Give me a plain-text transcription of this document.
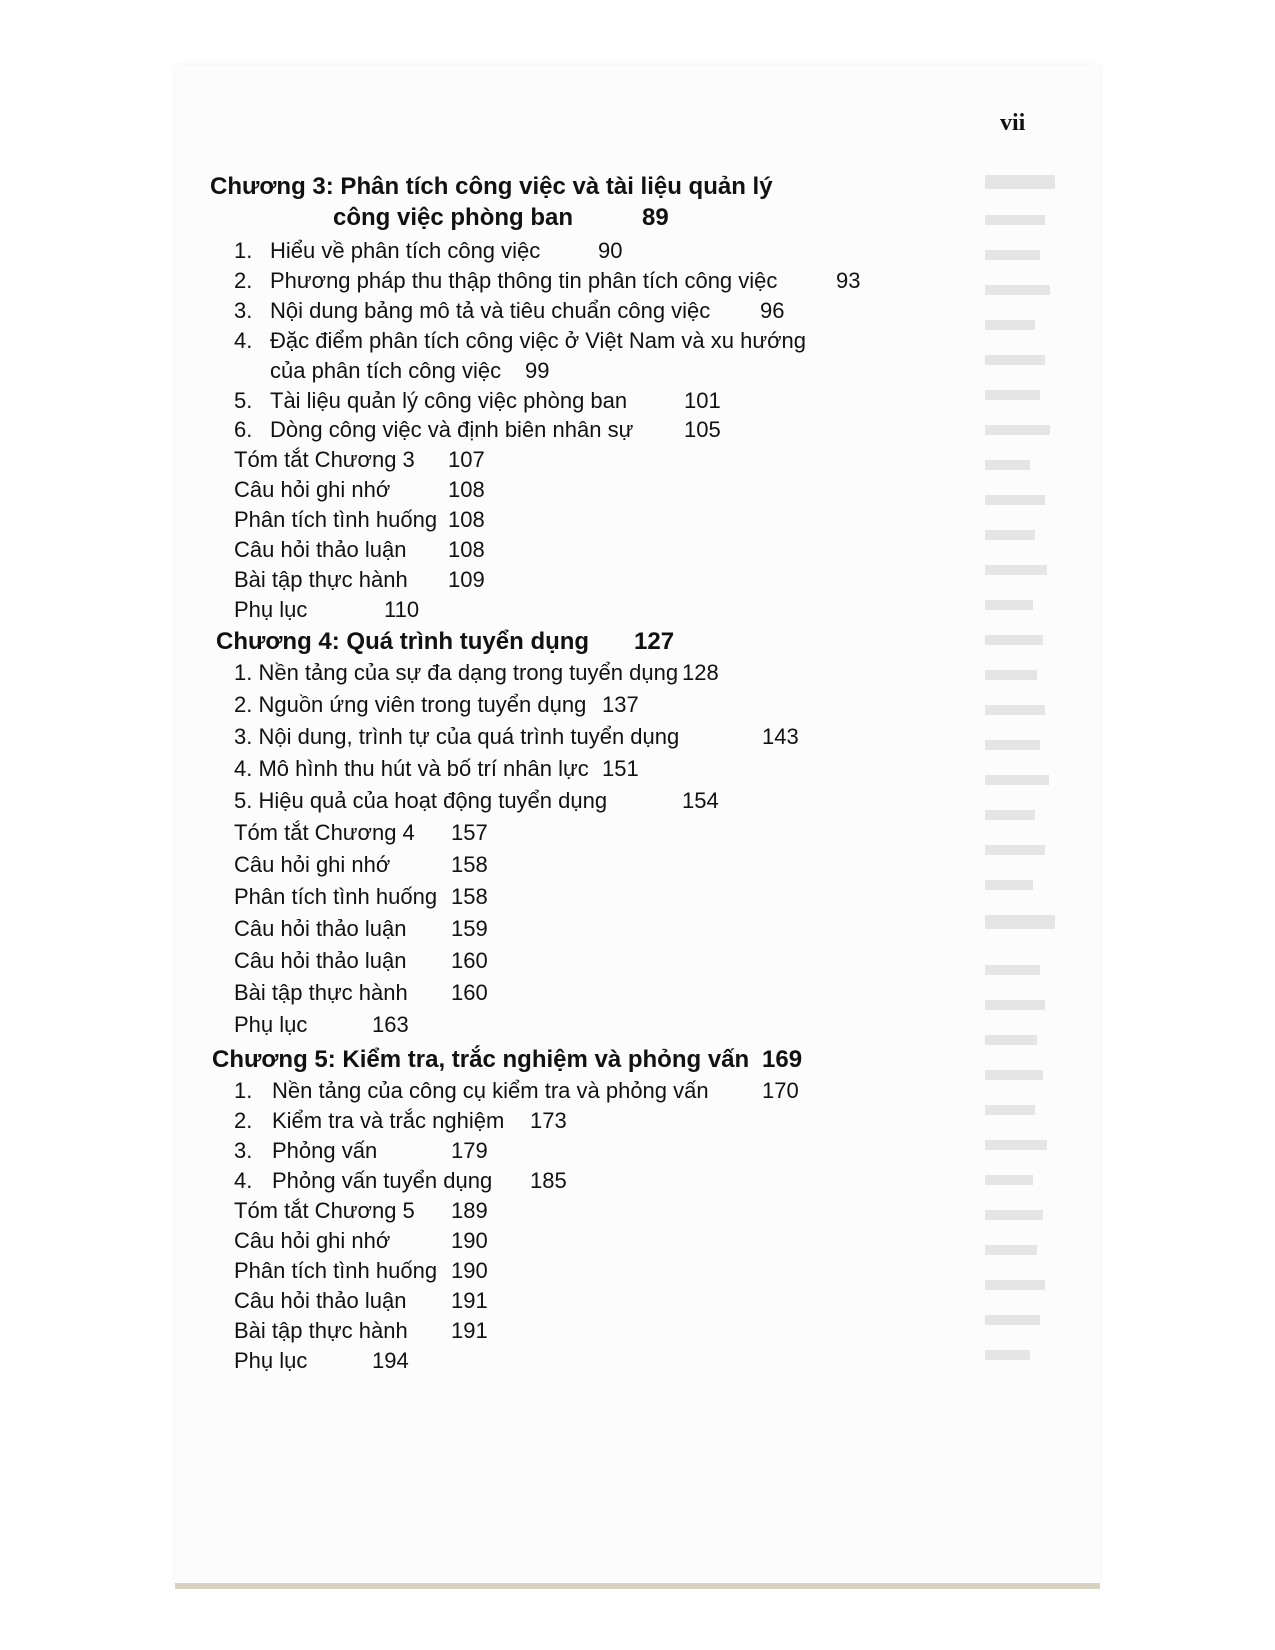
vii
Chương 3: Phân tích công việc và tài liệu quản lý
công việc phòng ban	89
1. Hiểu về phân tích công việc	90
2. Phương pháp thu thập thông tin phân tích công việc	93
3. Nội dung bảng mô tả và tiêu chuẩn công việc 96
4. Đặc điểm phân tích công việc ở Việt Nam và xu hướng
của phân tích công việc 99
5. Tài liệu quản lý công việc phòng ban	101
6. Dòng công việc và định biên nhân sự 105
Tóm tắt Chương 3 107
Câu hỏi ghi nhớ	108
Phân tích tình huống 108
Câu hỏi thảo luận 108
Bài tập thực hành 109
Phụ lục	110
Chương 4: Quá trình tuyển dụng 127
1. Nền tảng của sự đa dạng trong tuyển dụng 128
2. Nguồn ứng viên trong tuyển dụng 137
3. Nội dung, trình tự của quá trình tuyển dụng	143
4. Mô hình thu hút và bố trí nhân lực 151
5. Hiệu quả của hoạt động tuyển dụng	154
Tóm tắt Chương 4 157
Câu hỏi ghi nhớ	158
Phân tích tình huống 158
Câu hỏi thảo luận 159
Câu hỏi thảo luận 160
Bài tập thực hành 160
Phụ lục	163
Chương 5: Kiểm tra, trắc nghiệm và phỏng vấn 169
1. Nền tảng của công cụ kiểm tra và phỏng vấn 170
2. Kiểm tra và trắc nghiệm 173
3. Phỏng vấn	179
4. Phỏng vấn tuyển dụng 185
Tóm tắt Chương 5 189
Câu hỏi ghi nhớ	190
Phân tích tình huống 190
Câu hỏi thảo luận 191
Bài tập thực hành 191
Phụ lục	194
